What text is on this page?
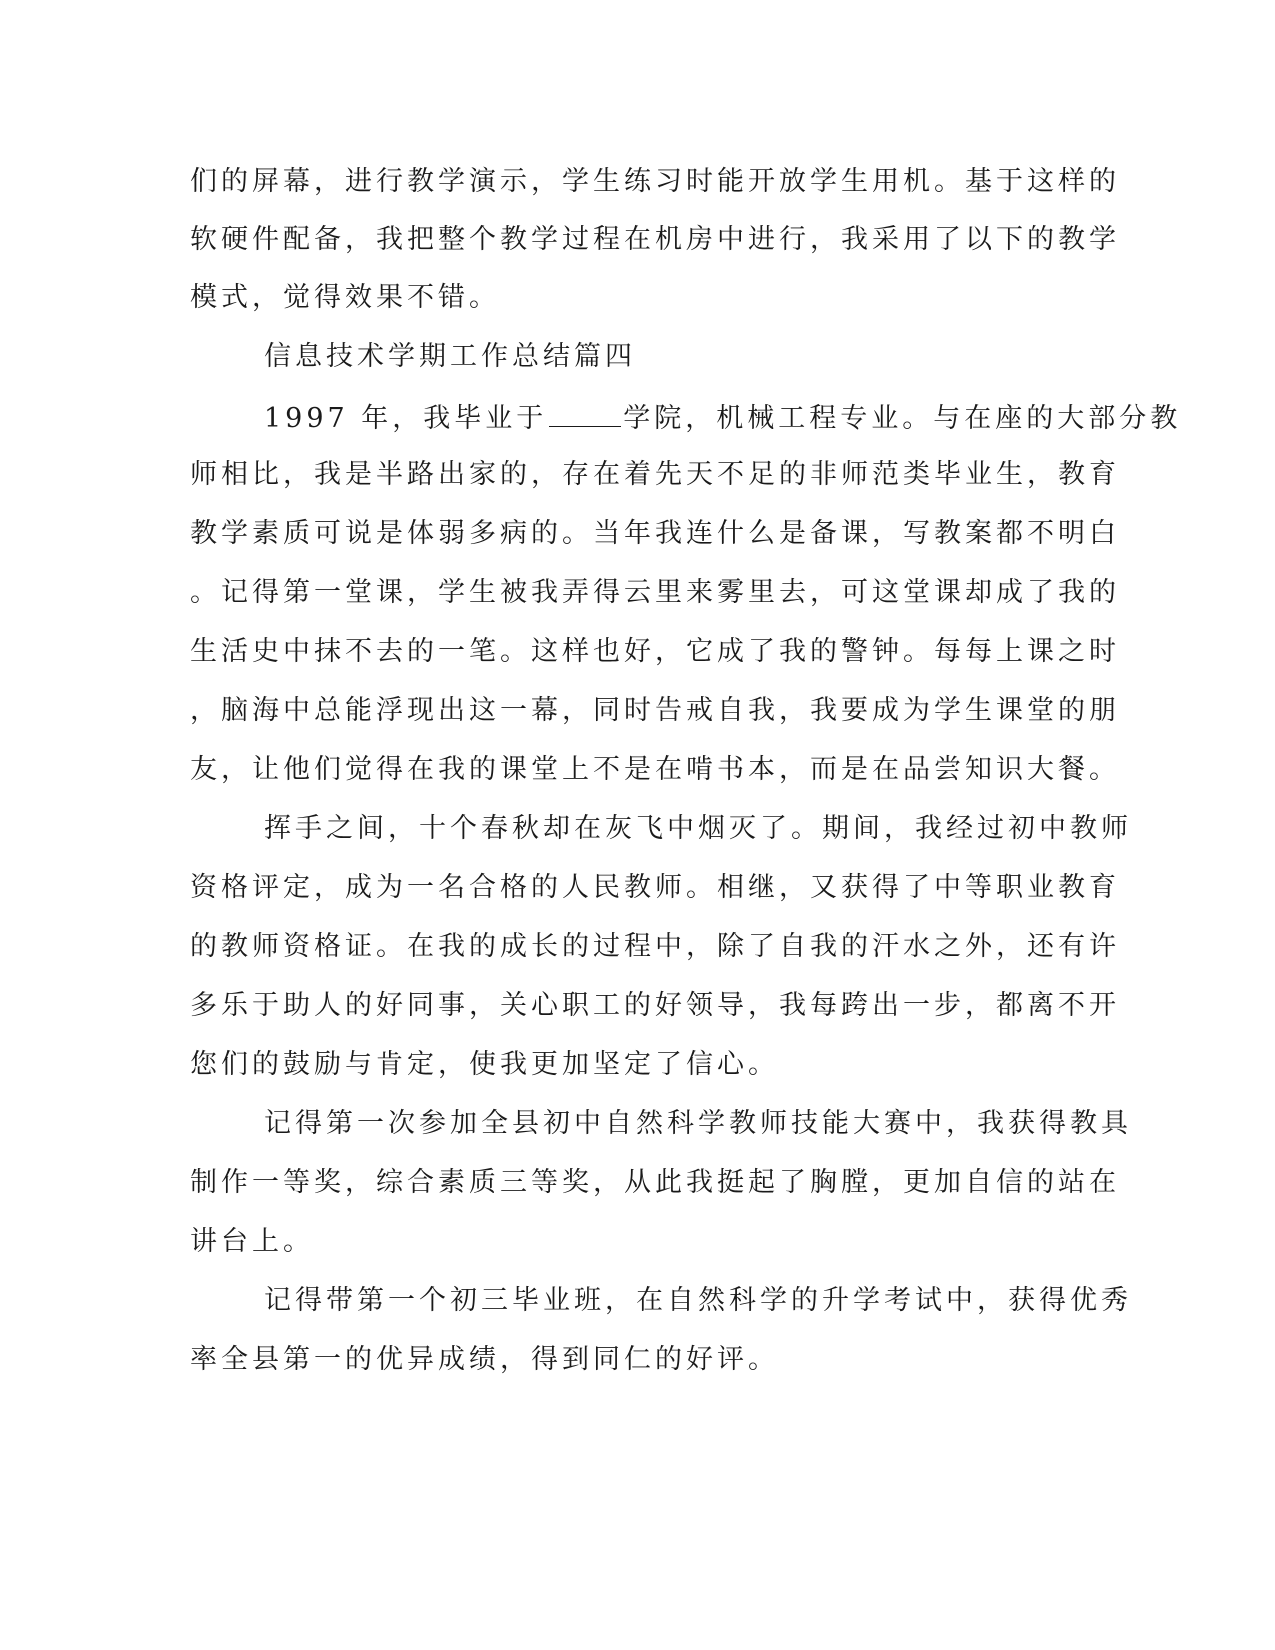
们的屏幕，进行教学演示，学生练习时能开放学生用机。基于这样的
软硬件配备，我把整个教学过程在机房中进行，我采用了以下的教学
模式，觉得效果不错。
信息技术学期工作总结篇四
1997 年，我毕业于	学院，机械工程专业。与在座的大部分教
师相比，我是半路出家的，存在着先天不足的非师范类毕业生，教育
教学素质可说是体弱多病的。当年我连什么是备课，写教案都不明白
。记得第一堂课，学生被我弄得云里来雾里去，可这堂课却成了我的
生活史中抹不去的一笔。这样也好，它成了我的警钟。每每上课之时
，脑海中总能浮现出这一幕，同时告戒自我，我要成为学生课堂的朋
友，让他们觉得在我的课堂上不是在啃书本，而是在品尝知识大餐。
挥手之间，十个春秋却在灰飞中烟灭了。期间，我经过初中教师
资格评定，成为一名合格的人民教师。相继，又获得了中等职业教育
的教师资格证。在我的成长的过程中，除了自我的汗水之外，还有许
多乐于助人的好同事，关心职工的好领导，我每跨出一步，都离不开
您们的鼓励与肯定，使我更加坚定了信心。
记得第一次参加全县初中自然科学教师技能大赛中，我获得教具
制作一等奖，综合素质三等奖，从此我挺起了胸膛，更加自信的站在
讲台上。
记得带第一个初三毕业班，在自然科学的升学考试中，获得优秀
率全县第一的优异成绩，得到同仁的好评。
